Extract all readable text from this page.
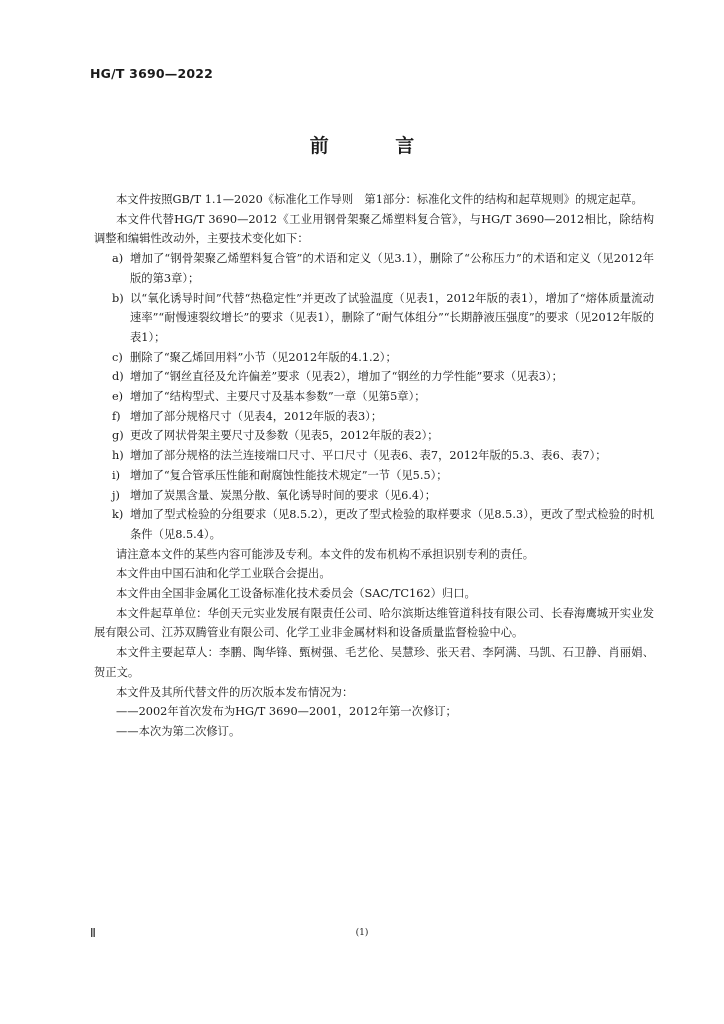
HG/T 3690—2022
前 言

本文件按照GB/T 1.1—2020《标准化工作导则　第1部分：标准化文件的结构和起草规则》的规定起草。

本文件代替HG/T 3690—2012《工业用钢骨架聚乙烯塑料复合管》，与HG/T 3690—2012相比，除结构调整和编辑性改动外，主要技术变化如下：

a) 增加了“钢骨架聚乙烯塑料复合管”的术语和定义（见3.1），删除了“公称压力”的术语和定义（见2012年版的第3章）；
b) 以“氧化诱导时间”代替“热稳定性”并更改了试验温度（见表1，2012年版的表1），增加了“熔体质量流动速率”“耐慢速裂纹增长”的要求（见表1），删除了“耐气体组分”“长期静液压强度”的要求（见2012年版的表1）；
c) 删除了“聚乙烯回用料”小节（见2012年版的4.1.2）；
d) 增加了“钢丝直径及允许偏差”要求（见表2），增加了“钢丝的力学性能”要求（见表3）；
e) 增加了“结构型式、主要尺寸及基本参数”一章（见第5章）；
f) 增加了部分规格尺寸（见表4，2012年版的表3）；
g) 更改了网状骨架主要尺寸及参数（见表5，2012年版的表2）；
h) 增加了部分规格的法兰连接端口尺寸、平口尺寸（见表6、表7，2012年版的5.3、表6、表7）；
i) 增加了“复合管承压性能和耐腐蚀性能技术规定”一节（见5.5）；
j) 增加了炭黑含量、炭黑分散、氧化诱导时间的要求（见6.4）；
k) 增加了型式检验的分组要求（见8.5.2），更改了型式检验的取样要求（见8.5.3），更改了型式检验的时机条件（见8.5.4）。

请注意本文件的某些内容可能涉及专利。本文件的发布机构不承担识别专利的责任。

本文件由中国石油和化学工业联合会提出。

本文件由全国非金属化工设备标准化技术委员会（SAC/TC162）归口。

本文件起草单位：华创天元实业发展有限责任公司、哈尔滨斯达维管道科技有限公司、长春海鹰城开实业发展有限公司、江苏双腾管业有限公司、化学工业非金属材料和设备质量监督检验中心。

本文件主要起草人：李鹏、陶华锋、甄树强、毛艺伦、吴慧珍、张天君、李阿满、马凯、石卫静、肖丽娟、贺正文。

本文件及其所代替文件的历次版本发布情况为：

——2002年首次发布为HG/T 3690—2001，2012年第一次修订；

——本次为第二次修订。

Ⅱ	(1)
